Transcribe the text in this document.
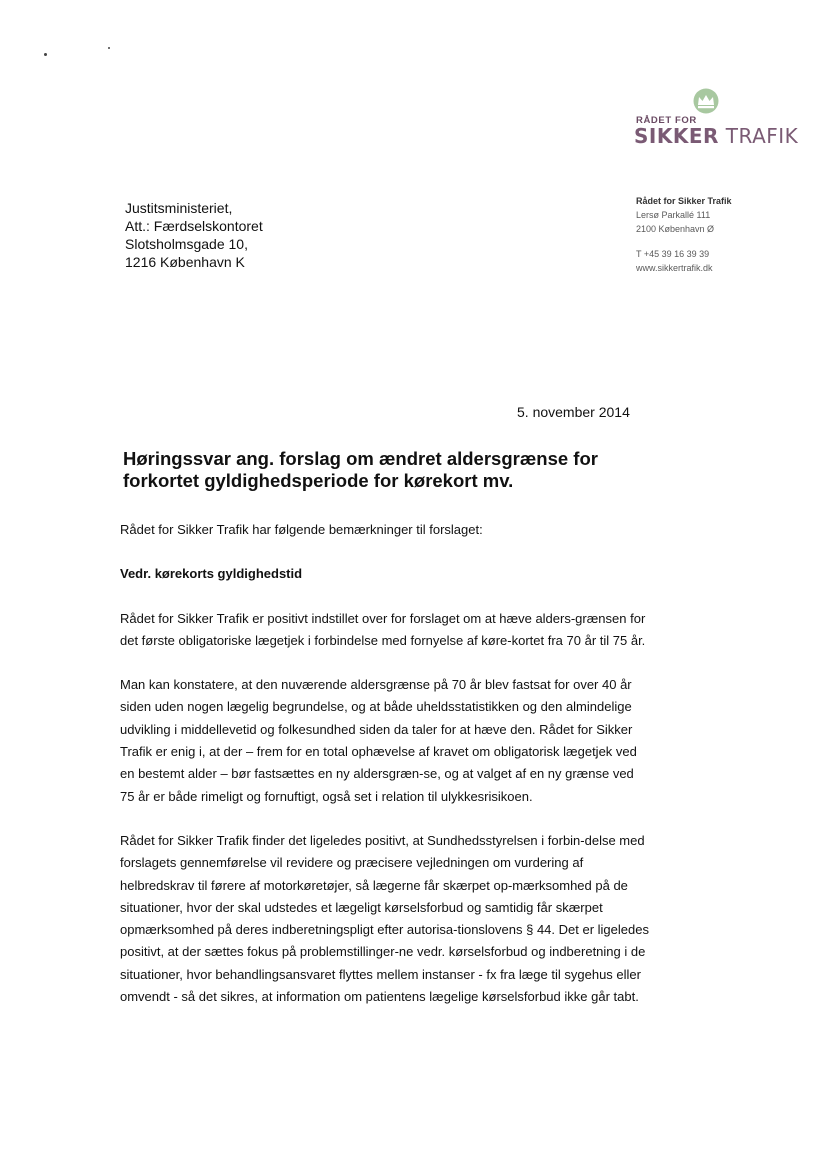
RÅDET FOR
SIKKER TRAFIK
Justitsministeriet,
Att.: Færdselskontoret
Slotsholmsgade 10,
1216 København K
Rådet for Sikker Trafik
Lersø Parkallé 111
2100 København Ø
T +45 39 16 39 39
www.sikkertrafik.dk
5. november 2014
Høringssvar ang. forslag om ændret aldersgrænse for forkortet gyldighedsperiode for kørekort mv.

Rådet for Sikker Trafik har følgende bemærkninger til forslaget:

Vedr. kørekorts gyldighedstid

Rådet for Sikker Trafik er positivt indstillet over for forslaget om at hæve alders-grænsen for det første obligatoriske lægetjek i forbindelse med fornyelse af køre-kortet fra 70 år til 75 år.

Man kan konstatere, at den nuværende aldersgrænse på 70 år blev fastsat for over 40 år siden uden nogen lægelig begrundelse, og at både uheldsstatistikken og den almindelige udvikling i middellevetid og folkesundhed siden da taler for at hæve den. Rådet for Sikker Trafik er enig i, at der – frem for en total ophævelse af kravet om obligatorisk lægetjek ved en bestemt alder – bør fastsættes en ny aldersgræn-se, og at valget af en ny grænse ved 75 år er både rimeligt og fornuftigt, også set i relation til ulykkesrisikoen.

Rådet for Sikker Trafik finder det ligeledes positivt, at Sundhedsstyrelsen i forbin-delse med forslagets gennemførelse vil revidere og præcisere vejledningen om vurdering af helbredskrav til førere af motorkøretøjer, så lægerne får skærpet op-mærksomhed på de situationer, hvor der skal udstedes et lægeligt kørselsforbud og samtidig får skærpet opmærksomhed på deres indberetningspligt efter autorisa-tionslovens § 44. Det er ligeledes positivt, at der sættes fokus på problemstillinger-ne vedr. kørselsforbud og indberetning i de situationer, hvor behandlingsansvaret flyttes mellem instanser - fx fra læge til sygehus eller omvendt - så det sikres, at information om patientens lægelige kørselsforbud ikke går tabt.
